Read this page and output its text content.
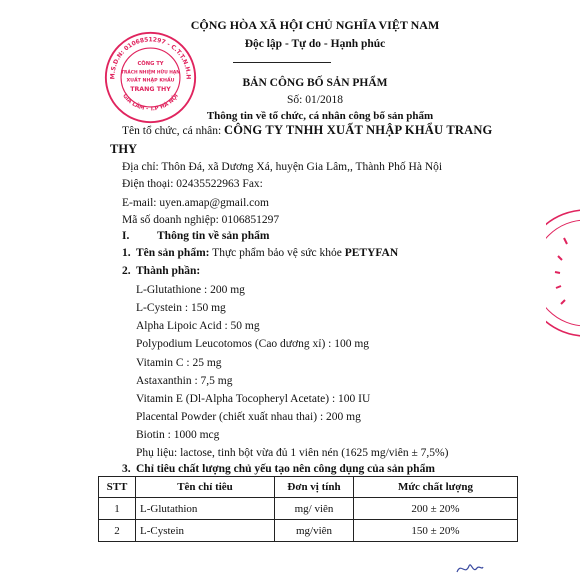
CỘNG HÒA XÃ HỘI CHỦ NGHĨA VIỆT NAM
Độc lập - Tự do - Hạnh phúc
M.S.D.N: 0106851297 - C.T.T.N.H.H
GIA LÂM - T.P HÀ NỘI
CÔNG TY
TRÁCH NHIỆM HỮU HẠN
XUẤT NHẬP KHẨU
TRANG THY
BẢN CÔNG BỐ SẢN PHẨM
Số: 01/2018
Thông tin về tổ chức, cá nhân công bố sản phẩm
Tên tổ chức, cá nhân: CÔNG TY TNHH XUẤT NHẬP KHẨU TRANG
THY
Địa chỉ: Thôn Đá, xã Dương Xá, huyện Gia Lâm,, Thành Phố Hà Nội
Điện thoại: 02435522963 Fax:
E-mail: uyen.amap@gmail.com
Mã số doanh nghiệp: 0106851297
I. Thông tin về sản phẩm
1. Tên sản phẩm: Thực phẩm bảo vệ sức khỏe PETYFAN
2. Thành phần:
L-Glutathione : 200 mg
L-Cystein : 150 mg
Alpha Lipoic Acid : 50 mg
Polypodium Leucotomos (Cao dương xỉ) : 100 mg
Vitamin C : 25 mg
Astaxanthin : 7,5 mg
Vitamin E (Dl-Alpha Tocopheryl Acetate) : 100 IU
Placental Powder (chiết xuất nhau thai) : 200 mg
Biotin : 1000 mcg
Phụ liệu: lactose, tinh bột vừa đủ 1 viên nén (1625 mg/viên ± 7,5%)
3. Chỉ tiêu chất lượng chủ yếu tạo nên công dụng của sản phẩm
STT	Tên chỉ tiêu	Đơn vị tính	Mức chất lượng
1	L-Glutathion	mg/ viên	200 ± 20%
2	L-Cystein	mg/viên	150 ± 20%
